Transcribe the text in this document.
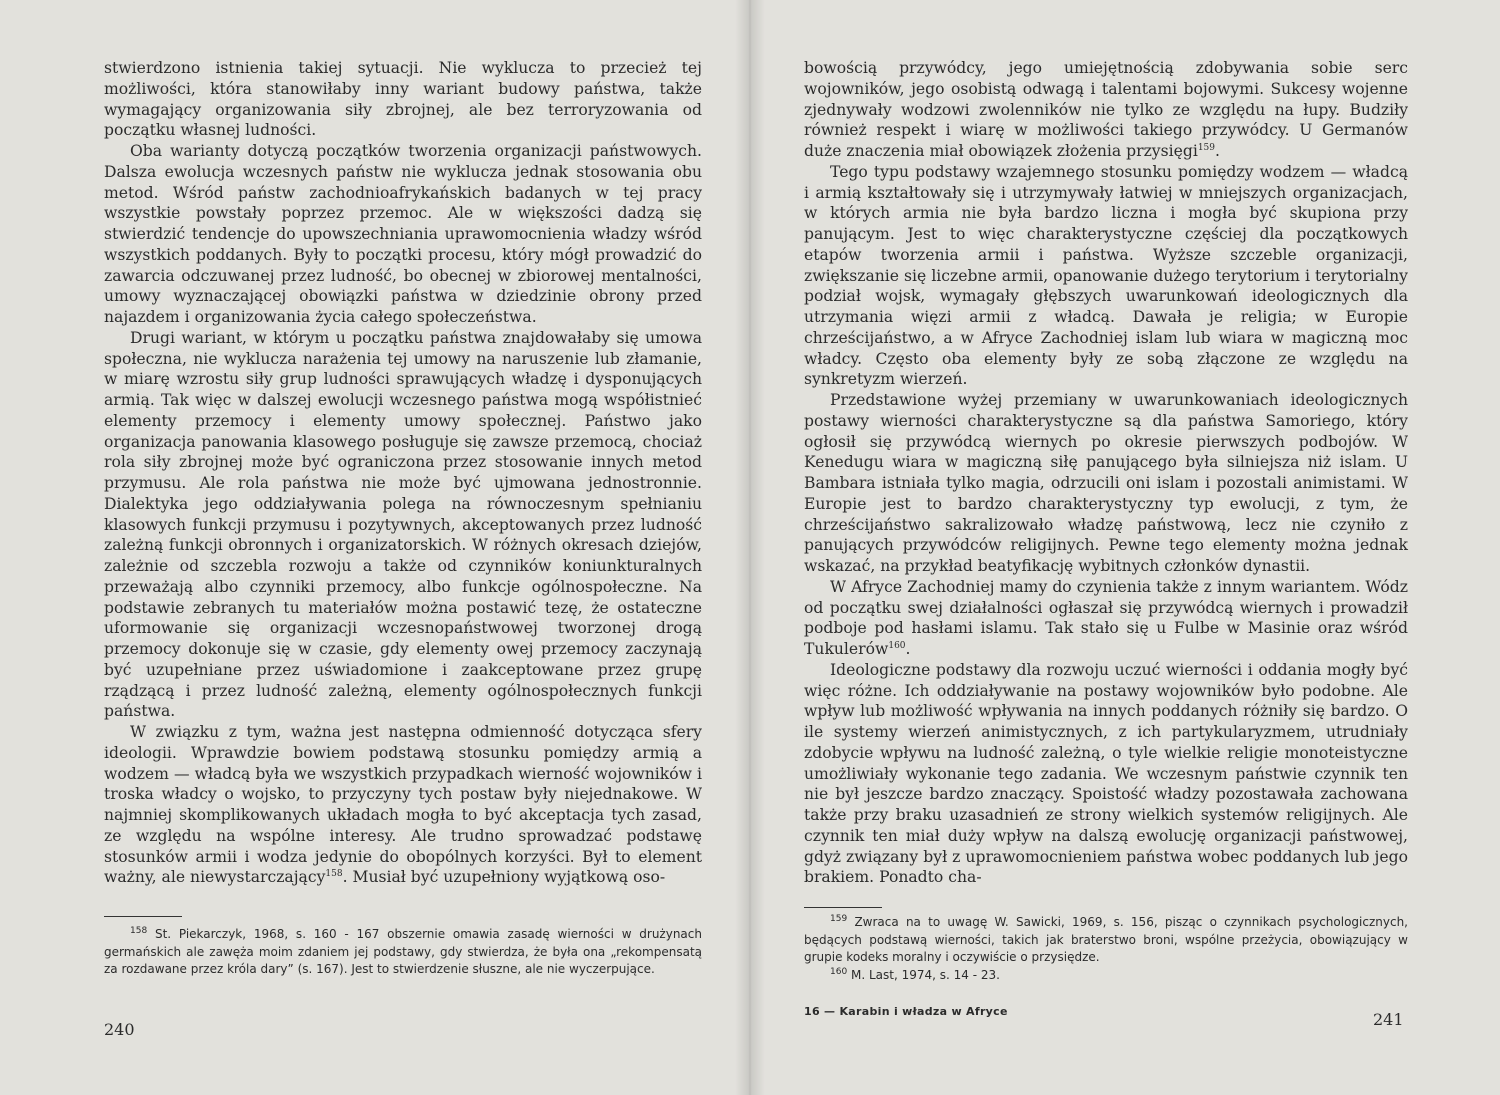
stwierdzono istnienia takiej sytuacji. Nie wyklucza to przecież tej możliwości, która stanowiłaby inny wariant budowy państwa, także wymagający organizowania siły zbrojnej, ale bez terroryzowania od początku własnej ludności.

Oba warianty dotyczą początków tworzenia organizacji państwowych. Dalsza ewolucja wczesnych państw nie wyklucza jednak stosowania obu metod. Wśród państw zachodnioafrykańskich badanych w tej pracy wszystkie powstały poprzez przemoc. Ale w większości dadzą się stwierdzić tendencje do upowszechniania uprawomocnienia władzy wśród wszystkich poddanych. Były to początki procesu, który mógł prowadzić do zawarcia odczuwanej przez ludność, bo obecnej w zbiorowej mentalności, umowy wyznaczającej obowiązki państwa w dziedzinie obrony przed najazdem i organizowania życia całego społeczeństwa.

Drugi wariant, w którym u początku państwa znajdowałaby się umowa społeczna, nie wyklucza narażenia tej umowy na naruszenie lub złamanie, w miarę wzrostu siły grup ludności sprawujących władzę i dysponujących armią. Tak więc w dalszej ewolucji wczesnego państwa mogą współistnieć elementy przemocy i elementy umowy społecznej. Państwo jako organizacja panowania klasowego posługuje się zawsze przemocą, chociaż rola siły zbrojnej może być ograniczona przez stosowanie innych metod przymusu. Ale rola państwa nie może być ujmowana jednostronnie. Dialektyka jego oddziaływania polega na równoczesnym spełnianiu klasowych funkcji przymusu i pozytywnych, akceptowanych przez ludność zależną funkcji obronnych i organizatorskich. W różnych okresach dziejów, zależnie od szczebla rozwoju a także od czynników koniunkturalnych przeważają albo czynniki przemocy, albo funkcje ogólnospołeczne. Na podstawie zebranych tu materiałów można postawić tezę, że ostateczne uformowanie się organizacji wczesnopaństwowej tworzonej drogą przemocy dokonuje się w czasie, gdy elementy owej przemocy zaczynają być uzupełniane przez uświadomione i zaakceptowane przez grupę rządzącą i przez ludność zależną, elementy ogólnospołecznych funkcji państwa.

W związku z tym, ważna jest następna odmienność dotycząca sfery ideologii. Wprawdzie bowiem podstawą stosunku pomiędzy armią a wodzem — władcą była we wszystkich przypadkach wierność wojowników i troska władcy o wojsko, to przyczyny tych postaw były niejednakowe. W najmniej skomplikowanych układach mogła to być akceptacja tych zasad, ze względu na wspólne interesy. Ale trudno sprowadzać podstawę stosunków armii i wodza jedynie do obopólnych korzyści. Był to element ważny, ale niewystarczający$^{158}$. Musiał być uzupełniony wyjątkową oso-

$^{158}$ St. Piekarczyk, 1968, s. 160 - 167 obszernie omawia zasadę wierności w drużynach germańskich ale zawęża moim zdaniem jej podstawy, gdy stwierdza, że była ona „rekompensatą za rozdawane przez króla dary” (s. 167). Jest to stwierdzenie słuszne, ale nie wyczerpujące.

240

bowością przywódcy, jego umiejętnością zdobywania sobie serc wojowników, jego osobistą odwagą i talentami bojowymi. Sukcesy wojenne zjednywały wodzowi zwolenników nie tylko ze względu na łupy. Budziły również respekt i wiarę w możliwości takiego przywódcy. U Germanów duże znaczenia miał obowiązek złożenia przysięgi$^{159}$.

Tego typu podstawy wzajemnego stosunku pomiędzy wodzem — władcą i armią kształtowały się i utrzymywały łatwiej w mniejszych organizacjach, w których armia nie była bardzo liczna i mogła być skupiona przy panującym. Jest to więc charakterystyczne częściej dla początkowych etapów tworzenia armii i państwa. Wyższe szczeble organizacji, zwiększanie się liczebne armii, opanowanie dużego terytorium i terytorialny podział wojsk, wymagały głębszych uwarunkowań ideologicznych dla utrzymania więzi armii z władcą. Dawała je religia; w Europie chrześcijaństwo, a w Afryce Zachodniej islam lub wiara w magiczną moc władcy. Często oba elementy były ze sobą złączone ze względu na synkretyzm wierzeń.

Przedstawione wyżej przemiany w uwarunkowaniach ideologicznych postawy wierności charakterystyczne są dla państwa Samoriego, który ogłosił się przywódcą wiernych po okresie pierwszych podbojów. W Kenedugu wiara w magiczną siłę panującego była silniejsza niż islam. U Bambara istniała tylko magia, odrzucili oni islam i pozostali animistami. W Europie jest to bardzo charakterystyczny typ ewolucji, z tym, że chrześcijaństwo sakralizowało władzę państwową, lecz nie czyniło z panujących przywódców religijnych. Pewne tego elementy można jednak wskazać, na przykład beatyfikację wybitnych członków dynastii.

W Afryce Zachodniej mamy do czynienia także z innym wariantem. Wódz od początku swej działalności ogłaszał się przywódcą wiernych i prowadził podboje pod hasłami islamu. Tak stało się u Fulbe w Masinie oraz wśród Tukulerów$^{160}$.

Ideologiczne podstawy dla rozwoju uczuć wierności i oddania mogły być więc różne. Ich oddziaływanie na postawy wojowników było podobne. Ale wpływ lub możliwość wpływania na innych poddanych różniły się bardzo. O ile systemy wierzeń animistycznych, z ich partykularyzmem, utrudniały zdobycie wpływu na ludność zależną, o tyle wielkie religie monoteistyczne umożliwiały wykonanie tego zadania. We wczesnym państwie czynnik ten nie był jeszcze bardzo znaczący. Spoistość władzy pozostawała zachowana także przy braku uzasadnień ze strony wielkich systemów religijnych. Ale czynnik ten miał duży wpływ na dalszą ewolucję organizacji państwowej, gdyż związany był z uprawomocnieniem państwa wobec poddanych lub jego brakiem. Ponadto cha-

$^{159}$ Zwraca na to uwagę W. Sawicki, 1969, s. 156, pisząc o czynnikach psychologicznych, będących podstawą wierności, takich jak braterstwo broni, wspólne przeżycia, obowiązujący w grupie kodeks moralny i oczywiście o przysiędze.

$^{160}$ M. Last, 1974, s. 14 - 23.

16 — Karabin i władza w Afryce	241
